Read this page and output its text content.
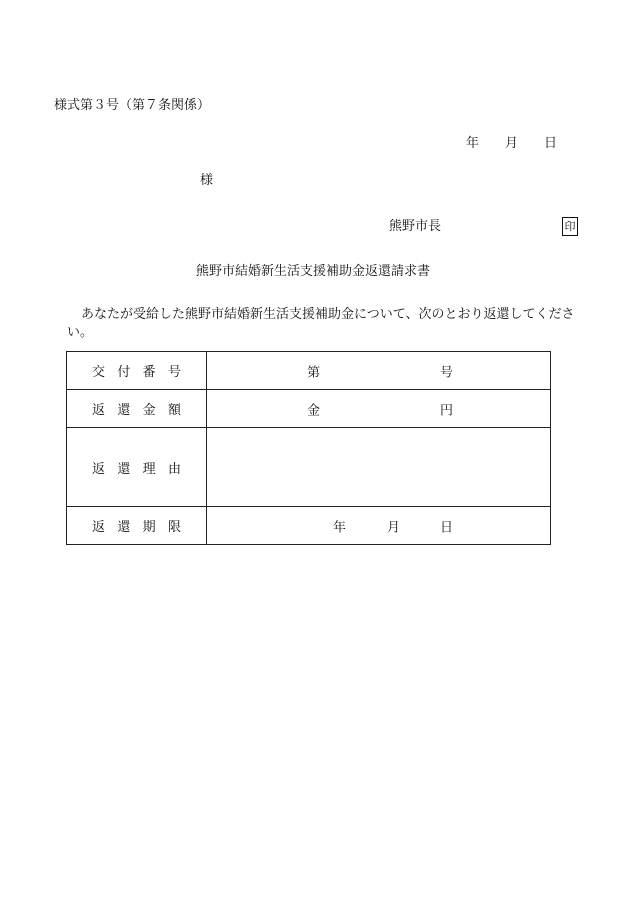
様式第３号（第７条関係）
年 月 日
様
熊野市長	印
熊野市結婚新生活支援補助金返還請求書
あなたが受給した熊野市結婚新生活支援補助金について、次のとおり返還してください。
交付番号	第 号

返還金額	金 円

返還理由	
返還期限	年 月 日
